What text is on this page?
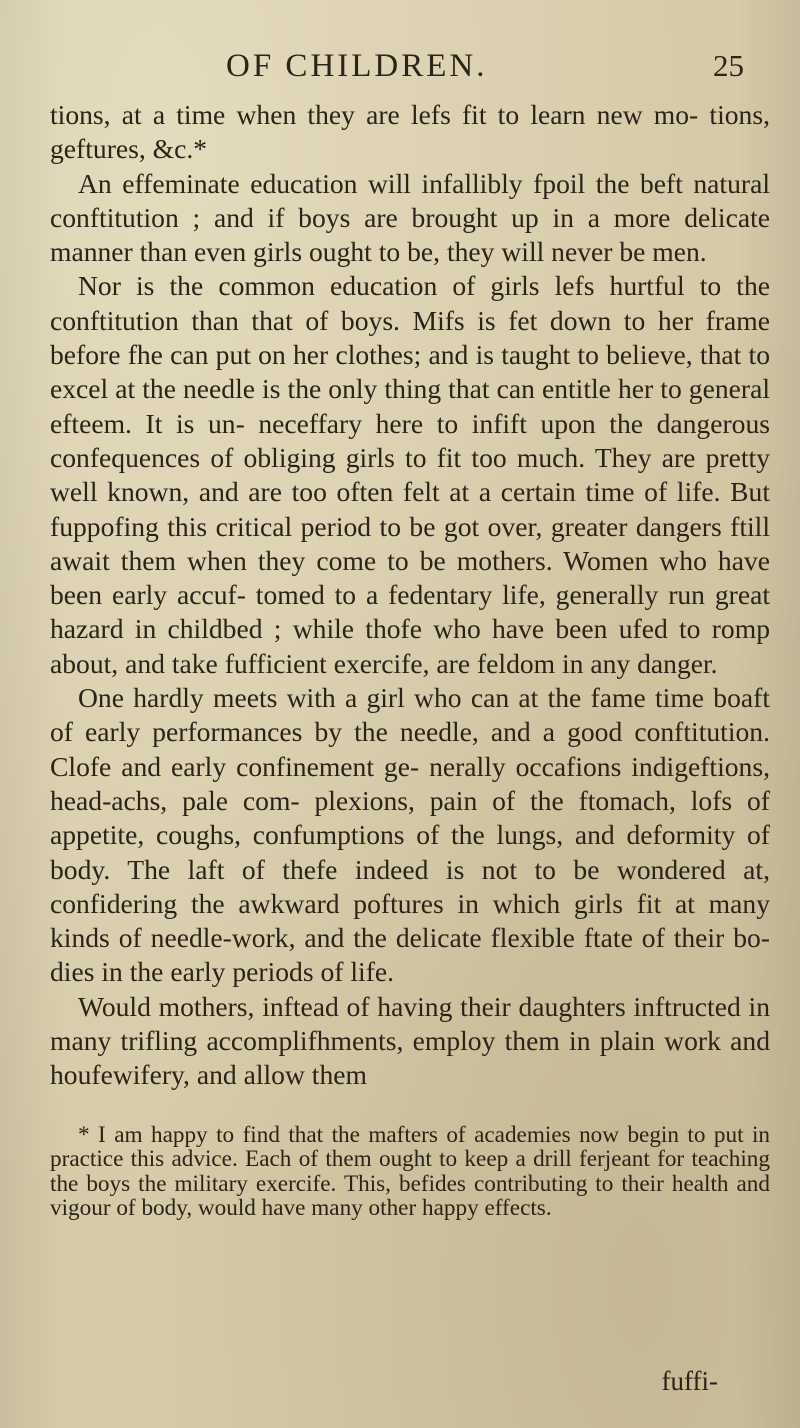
OF CHILDREN.	25

tions, at a time when they are lefs fit to learn new mo- tions, geftures, &c.*

An effeminate education will infallibly fpoil the beft natural conftitution ; and if boys are brought up in a more delicate manner than even girls ought to be, they will never be men.

Nor is the common education of girls lefs hurtful to the conftitution than that of boys. Mifs is fet down to her frame before fhe can put on her clothes; and is taught to believe, that to excel at the needle is the only thing that can entitle her to general efteem. It is un- neceffary here to infift upon the dangerous confequences of obliging girls to fit too much. They are pretty well known, and are too often felt at a certain time of life. But fuppofing this critical period to be got over, greater dangers ftill await them when they come to be mothers. Women who have been early accuf- tomed to a fedentary life, generally run great hazard in childbed ; while thofe who have been ufed to romp about, and take fufficient exercife, are feldom in any danger.

One hardly meets with a girl who can at the fame time boaft of early performances by the needle, and a good conftitution. Clofe and early confinement ge- nerally occafions indigeftions, head-achs, pale com- plexions, pain of the ftomach, lofs of appetite, coughs, confumptions of the lungs, and deformity of body. The laft of thefe indeed is not to be wondered at, confidering the awkward poftures in which girls fit at many kinds of needle-work, and the delicate flexible ftate of their bo- dies in the early periods of life.

Would mothers, inftead of having their daughters inftructed in many trifling accomplifhments, employ them in plain work and houfewifery, and allow them

* I am happy to find that the mafters of academies now begin to put in practice this advice. Each of them ought to keep a drill ferjeant for teaching the boys the military exercife. This, befides contributing to their health and vigour of body, would have many other happy effects.

fuffi-
